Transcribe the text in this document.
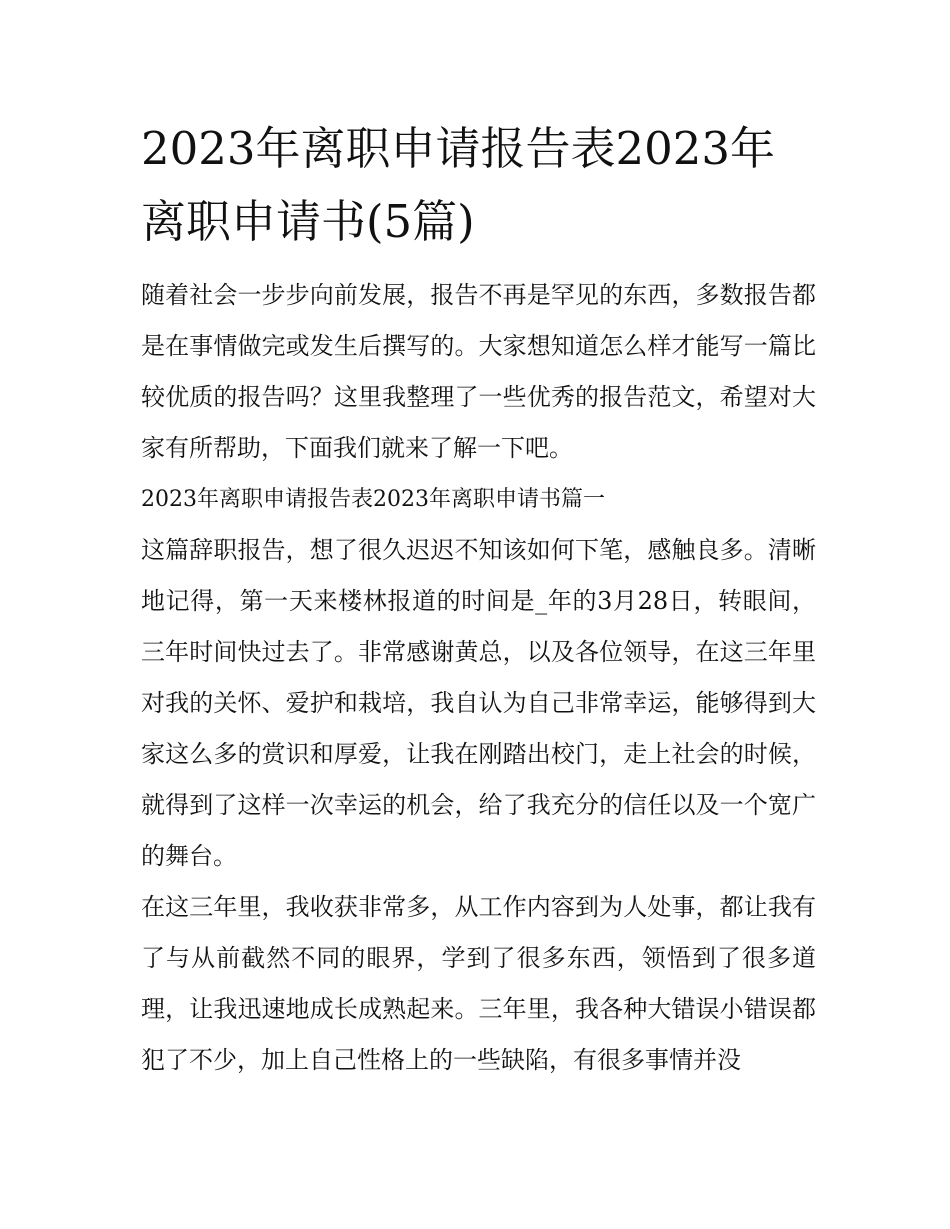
2023年离职申请报告表2023年离职申请书(5篇)

随着社会一步步向前发展，报告不再是罕见的东西，多数报告都是在事情做完或发生后撰写的。大家想知道怎么样才能写一篇比较优质的报告吗？这里我整理了一些优秀的报告范文，希望对大家有所帮助，下面我们就来了解一下吧。

2023年离职申请报告表2023年离职申请书篇一

这篇辞职报告，想了很久迟迟不知该如何下笔，感触良多。清晰地记得，第一天来楼林报道的时间是_年的3月28日，转眼间，三年时间快过去了。非常感谢黄总，以及各位领导，在这三年里对我的关怀、爱护和栽培，我自认为自己非常幸运，能够得到大家这么多的赏识和厚爱，让我在刚踏出校门，走上社会的时候，就得到了这样一次幸运的机会，给了我充分的信任以及一个宽广的舞台。

在这三年里，我收获非常多，从工作内容到为人处事，都让我有了与从前截然不同的眼界，学到了很多东西，领悟到了很多道理，让我迅速地成长成熟起来。三年里，我各种大错误小错误都犯了不少，加上自己性格上的一些缺陷，有很多事情并没
